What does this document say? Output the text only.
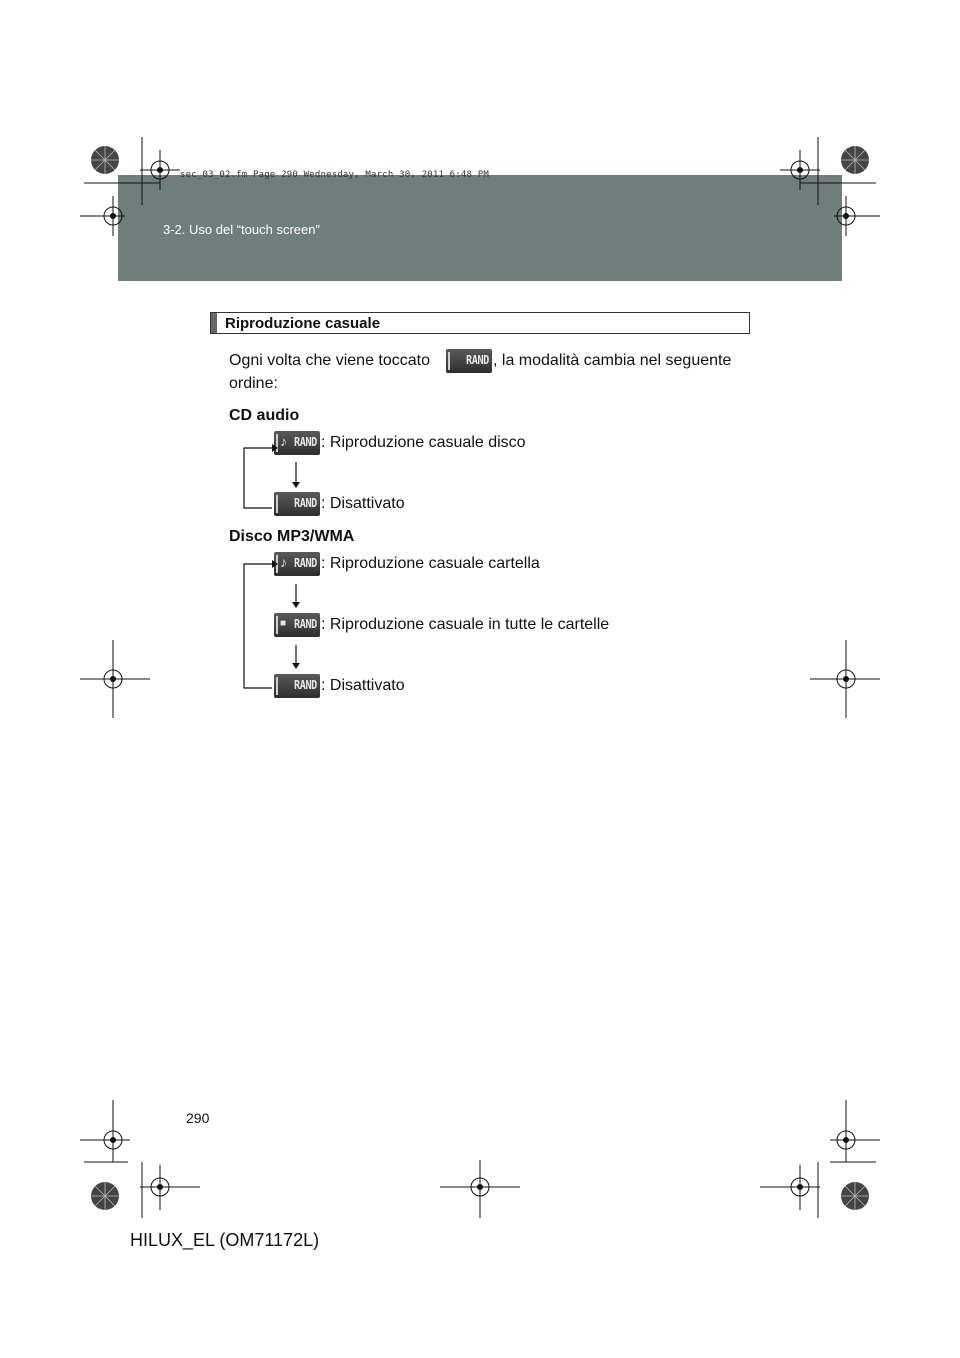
sec_03_02.fm Page 290 Wednesday, March 30, 2011 6:48 PM
3-2. Uso del “touch screen”
Riproduzione casuale
Ogni volta che viene toccato	RAND , la modalità cambia nel seguente
ordine:
CD audio
♪ RAND : Riproduzione casuale disco
RAND : Disattivato
Disco MP3/WMA
♪ RAND : Riproduzione casuale cartella
■ RAND : Riproduzione casuale in tutte le cartelle
RAND : Disattivato
290
HILUX_EL (OM71172L)
